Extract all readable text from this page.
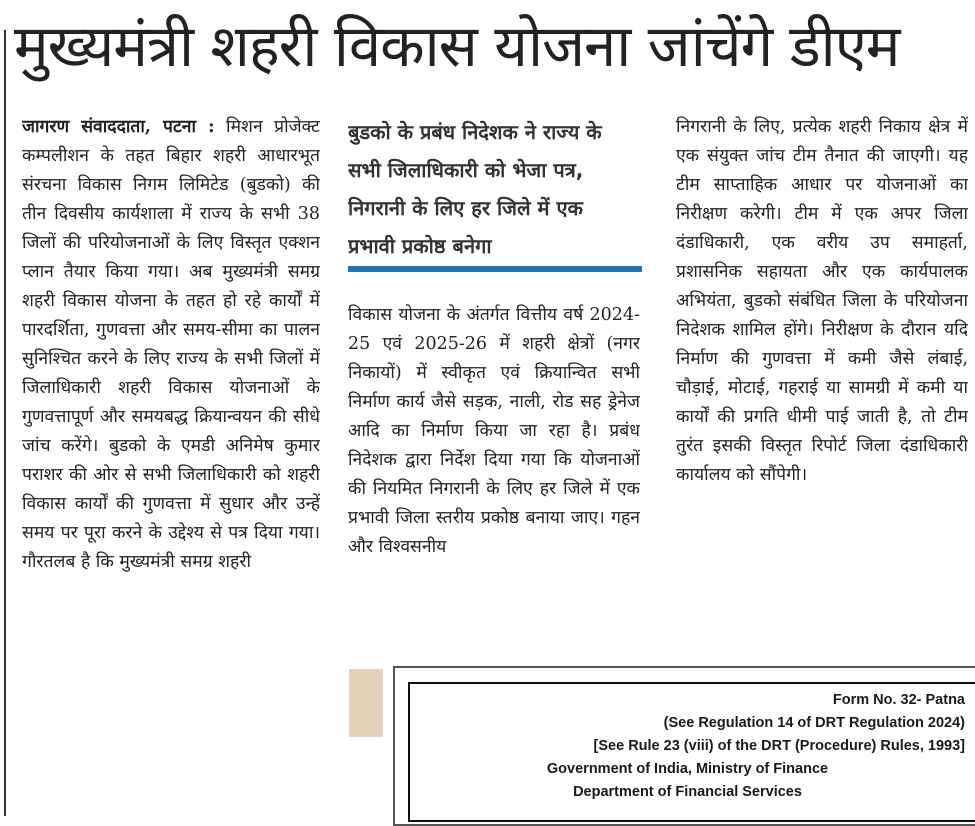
मुख्यमंत्री शहरी विकास योजना जांचेंगे डीएम
जागरण संवाददाता, पटना : मिशन प्रोजेक्ट कम्पलीशन के तहत बिहार शहरी आधारभूत संरचना विकास निगम लिमिटेड (बुडको) की तीन दिवसीय कार्यशाला में राज्य के सभी 38 जिलों की परियोजनाओं के लिए विस्तृत एक्शन प्लान तैयार किया गया। अब मुख्यमंत्री समग्र शहरी विकास योजना के तहत हो रहे कार्यों में पारदर्शिता, गुणवत्ता और समय-सीमा का पालन सुनिश्चित करने के लिए राज्य के सभी जिलों में जिलाधिकारी शहरी विकास योजनाओं के गुणवत्तापूर्ण और समयबद्ध क्रियान्वयन की सीधे जांच करेंगे। बुडको के एमडी अनिमेष कुमार पराशर की ओर से सभी जिलाधिकारी को शहरी विकास कार्यों की गुणवत्ता में सुधार और उन्हें समय पर पूरा करने के उद्देश्य से पत्र दिया गया। गौरतलब है कि मुख्यमंत्री समग्र शहरी
बुडको के प्रबंध निदेशक ने राज्य के सभी जिलाधिकारी को भेजा पत्र, निगरानी के लिए हर जिले में एक प्रभावी प्रकोष्ठ बनेगा
विकास योजना के अंतर्गत वित्तीय वर्ष 2024-25 एवं 2025-26 में शहरी क्षेत्रों (नगर निकायों) में स्वीकृत एवं क्रियान्वित सभी निर्माण कार्य जैसे सड़क, नाली, रोड सह ड्रेनेज आदि का निर्माण किया जा रहा है। प्रबंध निदेशक द्वारा निर्देश दिया गया कि योजनाओं की नियमित निगरानी के लिए हर जिले में एक प्रभावी जिला स्तरीय प्रकोष्ठ बनाया जाए। गहन और विश्वसनीय
निगरानी के लिए, प्रत्येक शहरी निकाय क्षेत्र में एक संयुक्त जांच टीम तैनात की जाएगी। यह टीम साप्ताहिक आधार पर योजनाओं का निरीक्षण करेगी। टीम में एक अपर जिला दंडाधिकारी, एक वरीय उप समाहर्ता, प्रशासनिक सहायता और एक कार्यपालक अभियंता, बुडको संबंधित जिला के परियोजना निदेशक शामिल होंगे। निरीक्षण के दौरान यदि निर्माण की गुणवत्ता में कमी जैसे लंबाई, चौड़ाई, मोटाई, गहराई या सामग्री में कमी या कार्यों की प्रगति धीमी पाई जाती है, तो टीम तुरंत इसकी विस्तृत रिपोर्ट जिला दंडाधिकारी कार्यालय को सौंपेगी।
Form No. 32- Patna
(See Regulation 14 of DRT Regulation 2024)
[See Rule 23 (viii) of the DRT (Procedure) Rules, 1993]
Government of India, Ministry of Finance
Department of Financial Services
